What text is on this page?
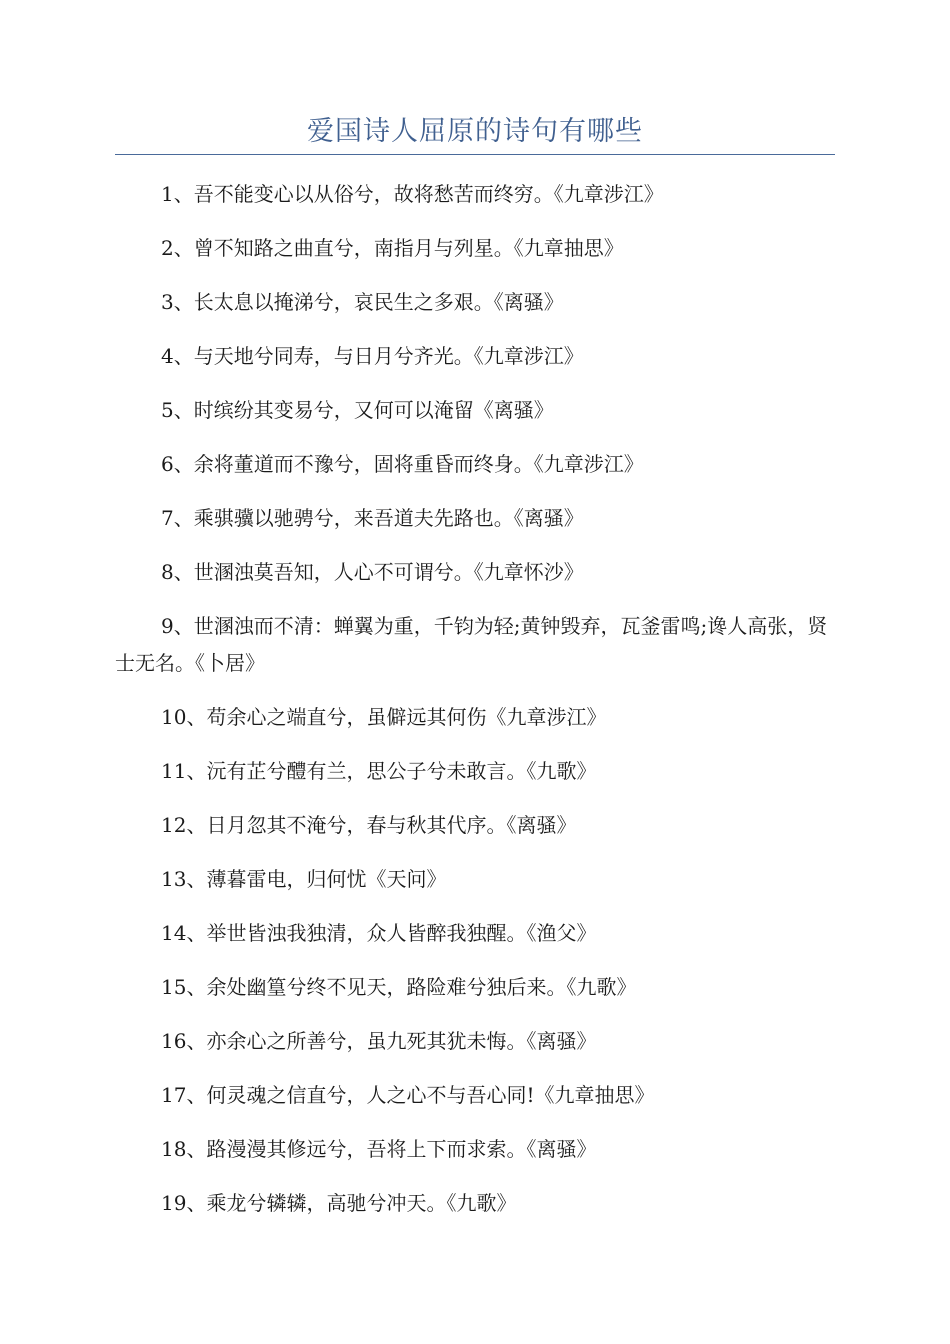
爱国诗人屈原的诗句有哪些

1、吾不能变心以从俗兮，故将愁苦而终穷。《九章涉江》

2、曾不知路之曲直兮，南指月与列星。《九章抽思》

3、长太息以掩涕兮，哀民生之多艰。《离骚》

4、与天地兮同寿，与日月兮齐光。《九章涉江》

5、时缤纷其变易兮，又何可以淹留《离骚》

6、余将董道而不豫兮，固将重昏而终身。《九章涉江》

7、乘骐骥以驰骋兮，来吾道夫先路也。《离骚》

8、世溷浊莫吾知，人心不可谓兮。《九章怀沙》

9、世溷浊而不清：蝉翼为重，千钧为轻;黄钟毁弃，瓦釜雷鸣;谗人高张，贤士无名。《卜居》

10、苟余心之端直兮，虽僻远其何伤《九章涉江》

11、沅有芷兮醴有兰，思公子兮未敢言。《九歌》

12、日月忽其不淹兮，春与秋其代序。《离骚》

13、薄暮雷电，归何忧《天问》

14、举世皆浊我独清，众人皆醉我独醒。《渔父》

15、余处幽篁兮终不见天，路险难兮独后来。《九歌》

16、亦余心之所善兮，虽九死其犹未悔。《离骚》

17、何灵魂之信直兮，人之心不与吾心同!《九章抽思》

18、路漫漫其修远兮，吾将上下而求索。《离骚》

19、乘龙兮辚辚，高驰兮冲天。《九歌》
